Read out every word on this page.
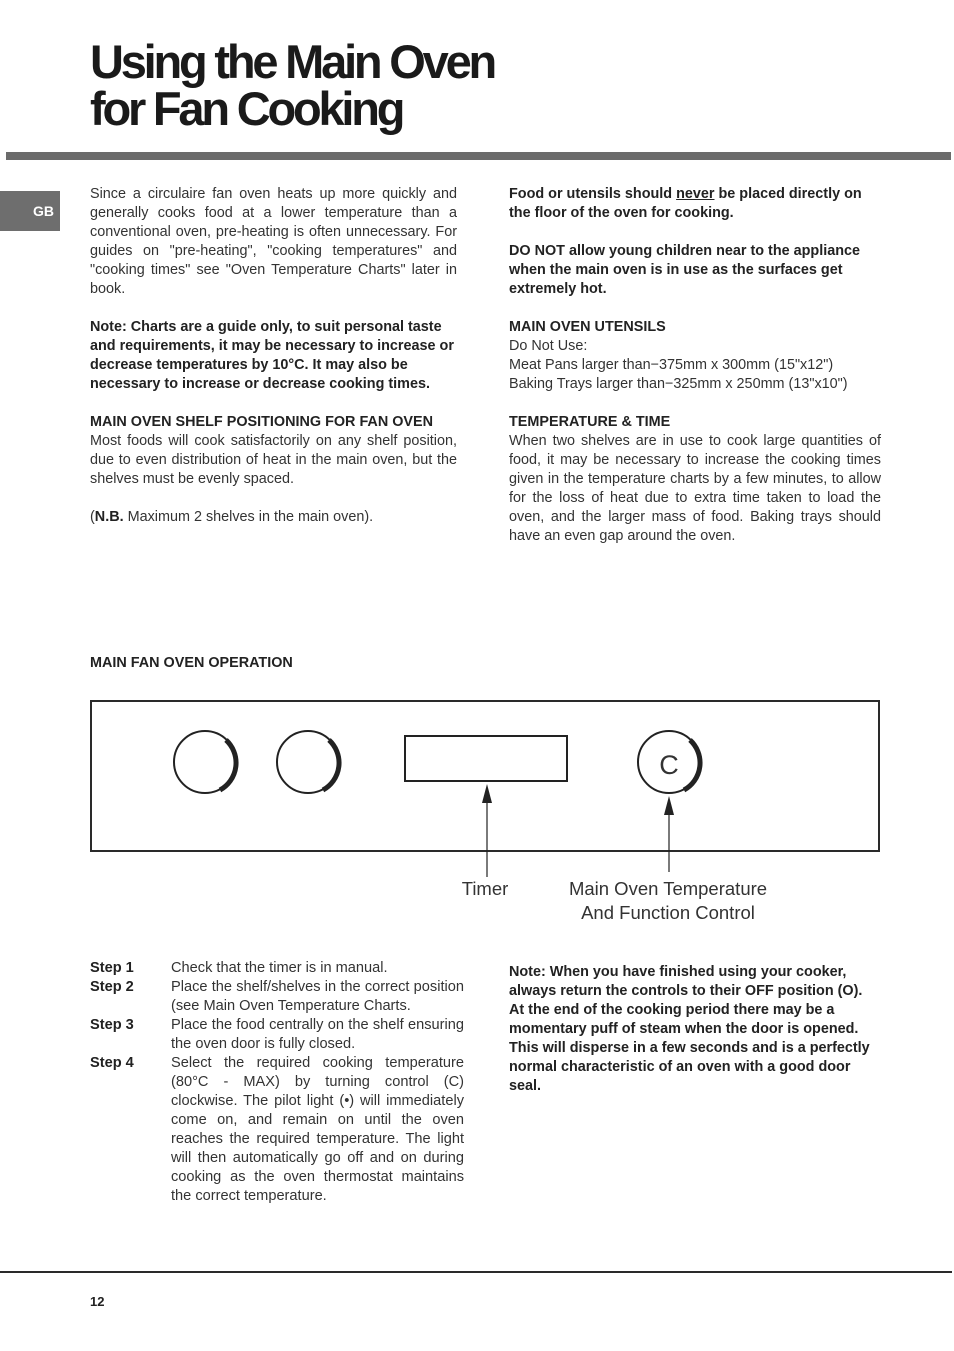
Using the Main Oven
for Fan Cooking
GB

Since a circulaire fan oven heats up more quickly and generally cooks food at a lower temperature than a conventional oven, pre-heating is often unnecessary. For guides on "pre-heating", "cooking temperatures" and "cooking times" see "Oven Temperature Charts" later in book.

Note: Charts are a guide only, to suit personal taste and requirements, it may be necessary to increase or decrease temperatures by 10°C. It may also be necessary to increase or decrease cooking times.

MAIN OVEN SHELF POSITIONING FOR FAN OVEN

Most foods will cook satisfactorily on any shelf position, due to even distribution of heat in the main oven, but the shelves must be evenly spaced.

(N.B. Maximum 2 shelves in the main oven).

Food or utensils should never be placed directly on the floor of the oven for cooking.

DO NOT allow young children near to the appliance when the main oven is in use as the surfaces get extremely hot.

MAIN OVEN UTENSILS
Do Not Use:
Meat Pans larger than−375mm x 300mm (15"x12")

Baking Trays larger than−325mm x 250mm (13"x10")

TEMPERATURE & TIME

When two shelves are in use to cook large quantities of food, it may be necessary to increase the cooking times given in the temperature charts by a few minutes, to allow for the loss of heat due to extra time taken to load the oven, and the larger mass of food. Baking trays should have an even gap around the oven.

MAIN FAN OVEN OPERATION
C
Timer	Main Oven Temperature
And Function Control
Step 1	Check that the timer is in manual.
Step 2	Place the shelf/shelves in the correct position (see Main Oven Temperature Charts.
Step 3	Place the food centrally on the shelf ensuring the oven door is fully closed.
Step 4	Select the required cooking temperature (80°C - MAX) by turning control (C) clockwise. The pilot light (•) will immediately come on, and remain on until the oven reaches the required temperature. The light will then automatically go off and on during cooking as the oven thermostat maintains the correct temperature.
Note: When you have finished using your cooker, always return the controls to their OFF position (O). At the end of the cooking period there may be a momentary puff of steam when the door is opened. This will disperse in a few seconds and is a perfectly normal characteristic of an oven with a good door seal.
12
